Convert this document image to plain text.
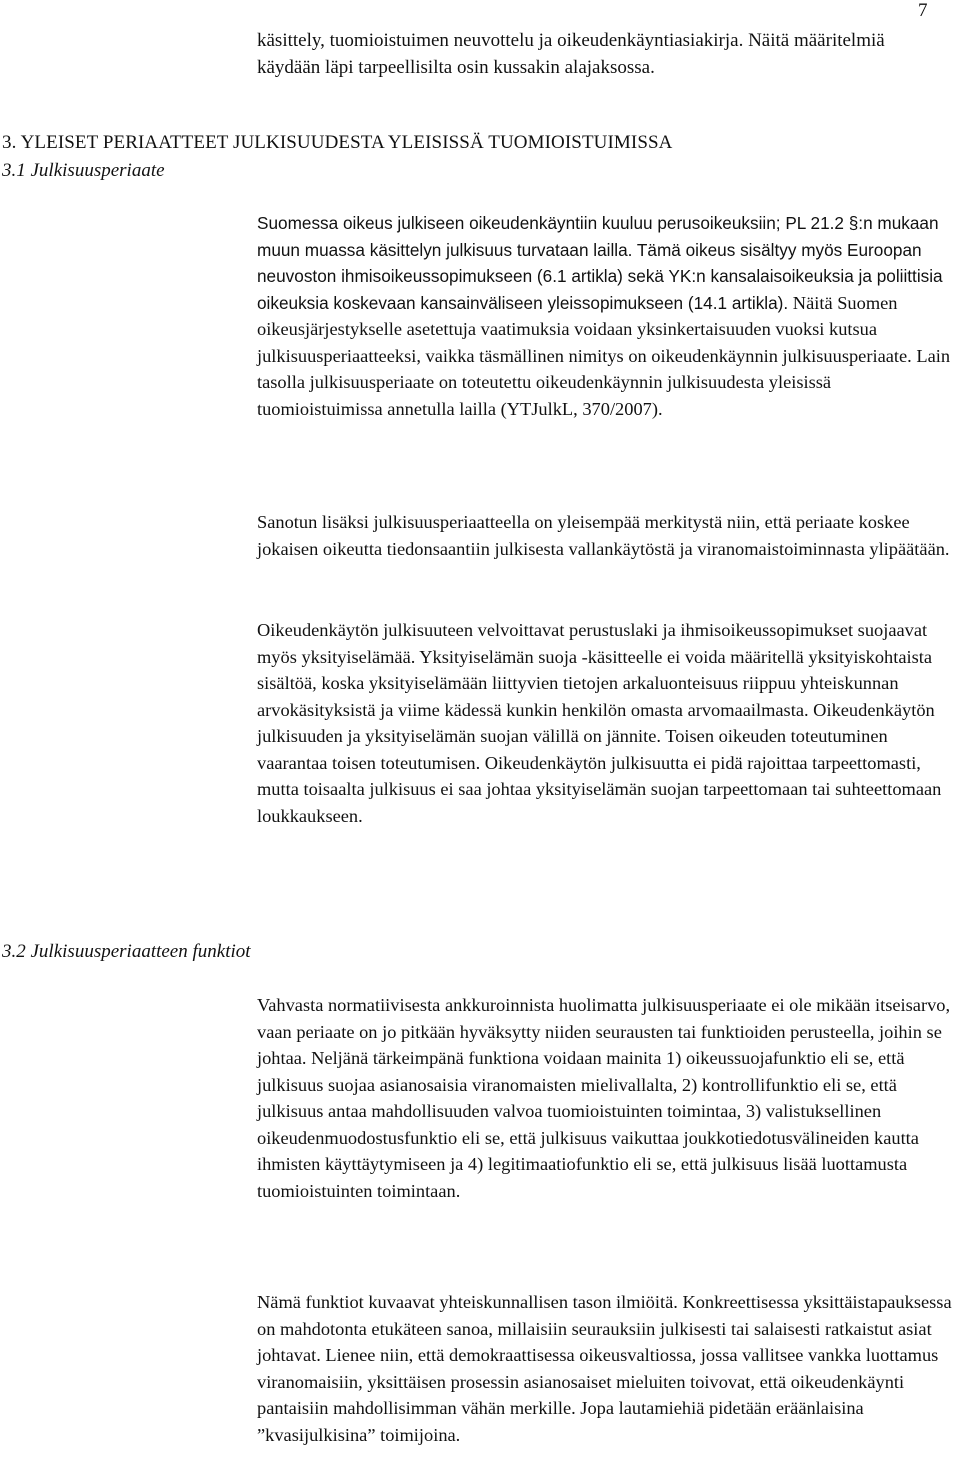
7

käsittely, tuomioistuimen neuvottelu ja oikeudenkäyntiasiakirja. Näitä määritelmiä käydään läpi tarpeellisilta osin kussakin alajaksossa.

3. YLEISET PERIAATTEET JULKISUUDESTA YLEISISSÄ TUOMIOISTUIMISSA
3.1 Julkisuusperiaate

Suomessa oikeus julkiseen oikeudenkäyntiin kuuluu perusoikeuksiin; PL 21.2 §:n mukaan muun muassa käsittelyn julkisuus turvataan lailla. Tämä oikeus sisältyy myös Euroopan neuvoston ihmisoikeussopimukseen (6.1 artikla) sekä YK:n kansalaisoikeuksia ja poliittisia oikeuksia koskevaan kansainväliseen yleissopimukseen (14.1 artikla). Näitä Suomen oikeusjärjestykselle asetettuja vaatimuksia voidaan yksinkertaisuuden vuoksi kutsua julkisuusperiaatteeksi, vaikka täsmällinen nimitys on oikeudenkäynnin julkisuusperiaate. Lain tasolla julkisuusperiaate on toteutettu oikeudenkäynnin julkisuudesta yleisissä tuomioistuimissa annetulla lailla (YTJulkL, 370/2007).

Sanotun lisäksi julkisuusperiaatteella on yleisempää merkitystä niin, että periaate koskee jokaisen oikeutta tiedonsaantiin julkisesta vallankäytöstä ja viranomaistoiminnasta ylipäätään.

Oikeudenkäytön julkisuuteen velvoittavat perustuslaki ja ihmisoikeussopimukset suojaavat myös yksityiselämää. Yksityiselämän suoja -käsitteelle ei voida määritellä yksityiskohtaista sisältöä, koska yksityiselämään liittyvien tietojen arkaluonteisuus riippuu yhteiskunnan arvokäsityksistä ja viime kädessä kunkin henkilön omasta arvomaailmasta. Oikeudenkäytön julkisuuden ja yksityiselämän suojan välillä on jännite. Toisen oikeuden toteutuminen vaarantaa toisen toteutumisen. Oikeudenkäytön julkisuutta ei pidä rajoittaa tarpeettomasti, mutta toisaalta julkisuus ei saa johtaa yksityiselämän suojan tarpeettomaan tai suhteettomaan loukkaukseen.

3.2 Julkisuusperiaatteen funktiot

Vahvasta normatiivisesta ankkuroinnista huolimatta julkisuusperiaate ei ole mikään itseisarvo, vaan periaate on jo pitkään hyväksytty niiden seurausten tai funktioiden perusteella, joihin se johtaa. Neljänä tärkeimpänä funktiona voidaan mainita 1) oikeussuojafunktio eli se, että julkisuus suojaa asianosaisia viranomaisten mielivallalta, 2) kontrollifunktio eli se, että julkisuus antaa mahdollisuuden valvoa tuomioistuinten toimintaa, 3) valistuksellinen oikeudenmuodostusfunktio eli se, että julkisuus vaikuttaa joukkotiedotusvälineiden kautta ihmisten käyttäytymiseen ja 4) legitimaatiofunktio eli se, että julkisuus lisää luottamusta tuomioistuinten toimintaan.

Nämä funktiot kuvaavat yhteiskunnallisen tason ilmiöitä. Konkreettisessa yksittäistapauksessa on mahdotonta etukäteen sanoa, millaisiin seurauksiin julkisesti tai salaisesti ratkaistut asiat johtavat. Lienee niin, että demokraattisessa oikeusvaltiossa, jossa vallitsee vankka luottamus viranomaisiin, yksittäisen prosessin asianosaiset mieluiten toivovat, että oikeudenkäynti pantaisiin mahdollisimman vähän merkille. Jopa lautamiehiä pidetään eräänlaisina ”kvasijulkisina” toimijoina.
